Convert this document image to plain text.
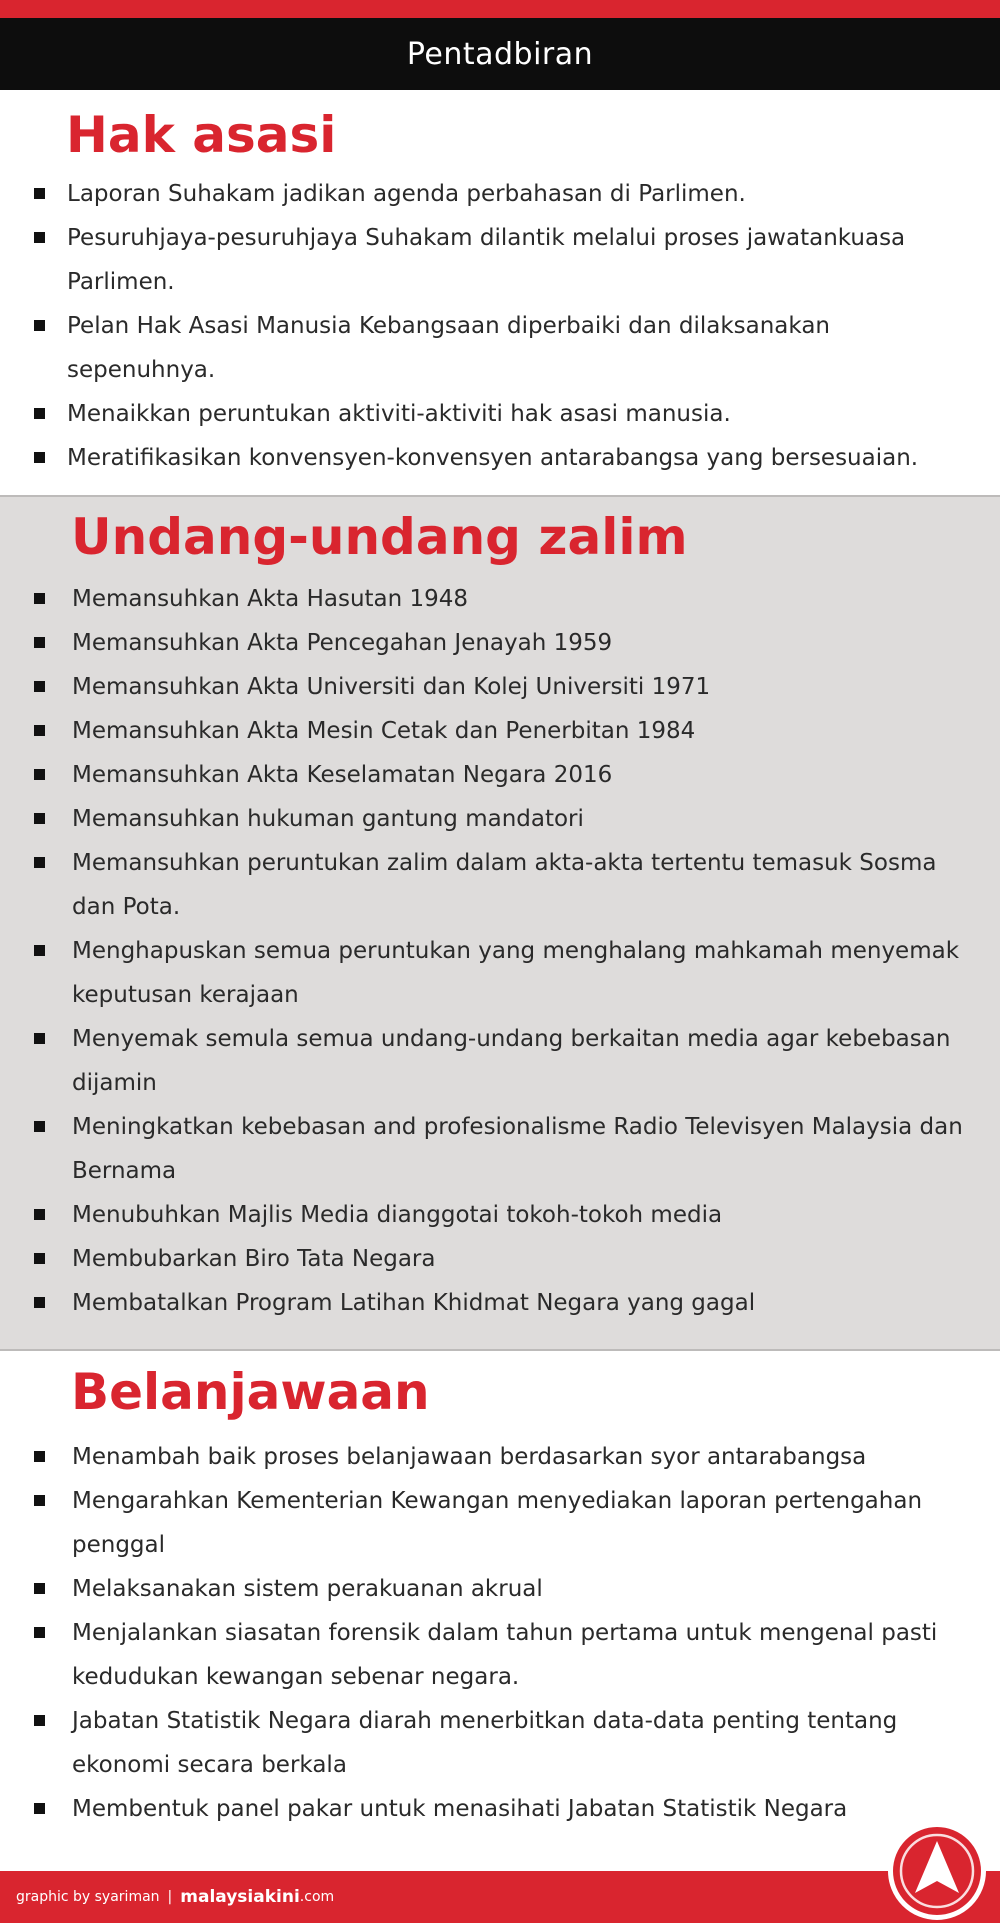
Pentadbiran
Hak asasi
Laporan Suhakam jadikan agenda perbahasan di Parlimen.
Pesuruhjaya-pesuruhjaya Suhakam dilantik melalui proses jawatankuasa Parlimen.
Pelan Hak Asasi Manusia Kebangsaan diperbaiki dan dilaksanakan sepenuhnya.
Menaikkan peruntukan aktiviti-aktiviti hak asasi manusia.
Meratifikasikan konvensyen-konvensyen antarabangsa yang bersesuaian.
Undang-undang zalim
Memansuhkan Akta Hasutan 1948
Memansuhkan Akta Pencegahan Jenayah 1959
Memansuhkan Akta Universiti dan Kolej Universiti 1971
Memansuhkan Akta Mesin Cetak dan Penerbitan 1984
Memansuhkan Akta Keselamatan Negara 2016
Memansuhkan hukuman gantung mandatori
Memansuhkan peruntukan zalim dalam akta-akta tertentu temasuk Sosma dan Pota.
Menghapuskan semua peruntukan yang menghalang mahkamah menyemak keputusan kerajaan
Menyemak semula semua undang-undang berkaitan media agar kebebasan dijamin
Meningkatkan kebebasan and profesionalisme Radio Televisyen Malaysia dan Bernama
Menubuhkan Majlis Media dianggotai tokoh-tokoh media
Membubarkan Biro Tata Negara
Membatalkan Program Latihan Khidmat Negara yang gagal
Belanjawaan
Menambah baik proses belanjawaan berdasarkan syor antarabangsa
Mengarahkan Kementerian Kewangan menyediakan laporan pertengahan penggal
Melaksanakan sistem perakuanan akrual
Menjalankan siasatan forensik dalam tahun pertama untuk mengenal pasti kedudukan kewangan sebenar negara.
Jabatan Statistik Negara diarah menerbitkan data-data penting tentang ekonomi secara berkala
Membentuk panel pakar untuk menasihati Jabatan Statistik Negara
graphic by syariman | malaysiakini .com
